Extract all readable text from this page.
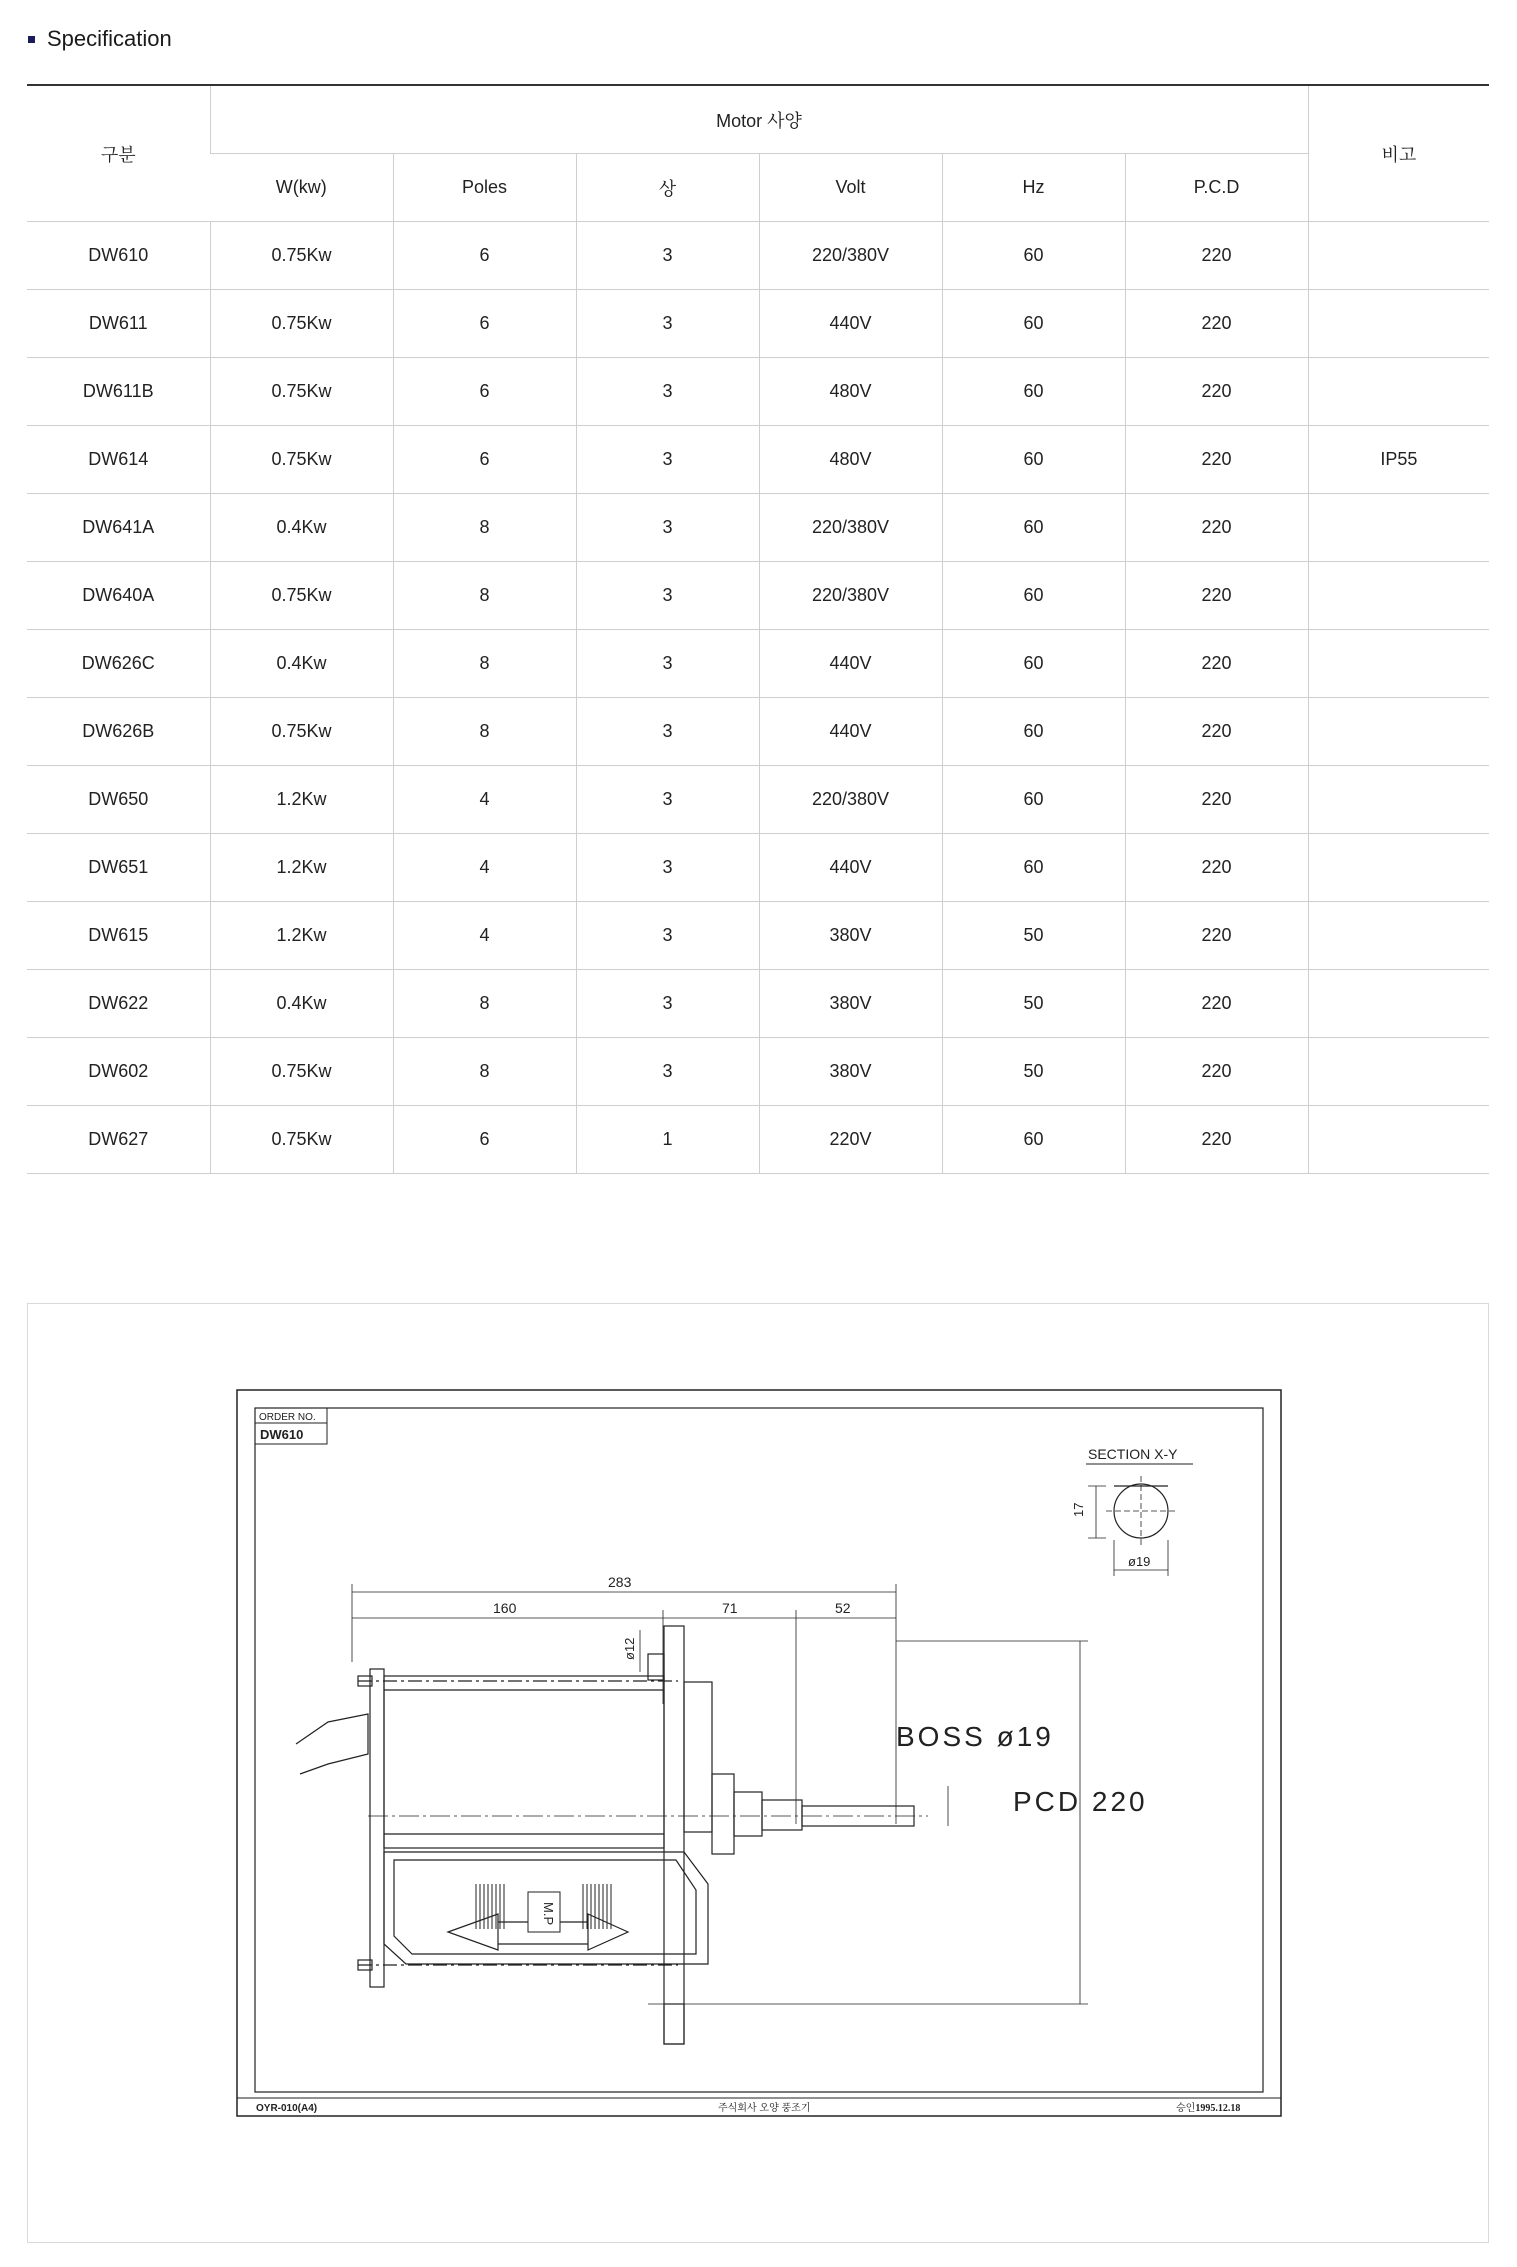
Specification
구분	Motor 사양						비고
	W(kw)	Poles	상	Volt	Hz	P.C.D	
DW610	0.75Kw	6	3	220/380V	60	220	
DW611	0.75Kw	6	3	440V	60	220	
DW611B	0.75Kw	6	3	480V	60	220	
DW614	0.75Kw	6	3	480V	60	220	IP55
DW641A	0.4Kw	8	3	220/380V	60	220	
DW640A	0.75Kw	8	3	220/380V	60	220	
DW626C	0.4Kw	8	3	440V	60	220	
DW626B	0.75Kw	8	3	440V	60	220	
DW650	1.2Kw	4	3	220/380V	60	220	
DW651	1.2Kw	4	3	440V	60	220	
DW615	1.2Kw	4	3	380V	50	220	
DW622	0.4Kw	8	3	380V	50	220	
DW602	0.75Kw	8	3	380V	50	220	
DW627	0.75Kw	6	1	220V	60	220	
ORDER NO.
DW610
SECTION X-Y
17
ø19
283
160	71	52
ø12
BOSS ø19
PCD 220
M.P
OYR-010(A4)	주식회사 오양 풍조기	승인1995.12.18
